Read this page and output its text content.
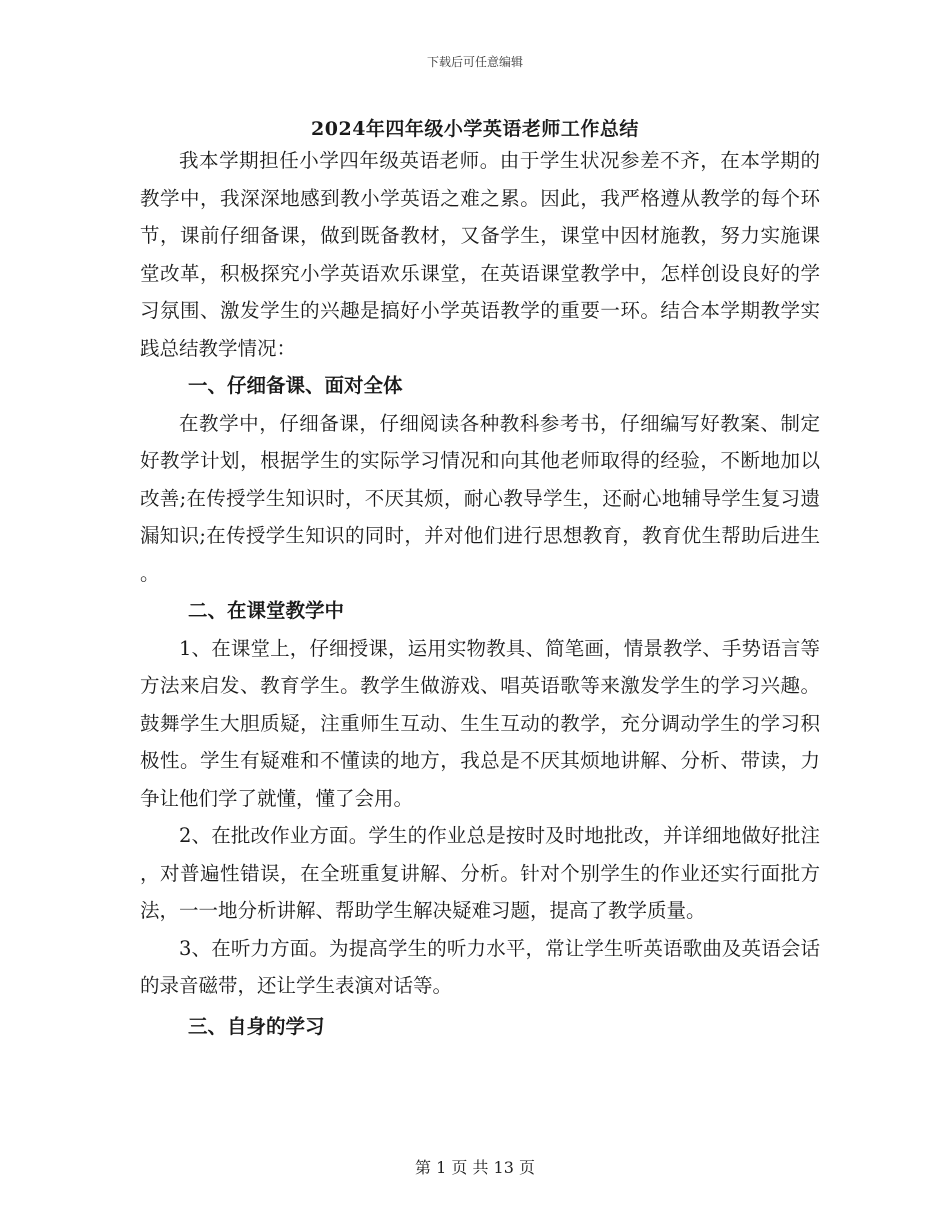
下载后可任意编辑
2024年四年级小学英语老师工作总结

我本学期担任小学四年级英语老师。由于学生状况参差不齐，在本学期的教学中，我深深地感到教小学英语之难之累。因此，我严格遵从教学的每个环节，课前仔细备课，做到既备教材，又备学生，课堂中因材施教，努力实施课堂改革，积极探究小学英语欢乐课堂，在英语课堂教学中，怎样创设良好的学习氛围、激发学生的兴趣是搞好小学英语教学的重要一环。结合本学期教学实践总结教学情况：

一、仔细备课、面对全体

在教学中，仔细备课，仔细阅读各种教科参考书，仔细编写好教案、制定好教学计划，根据学生的实际学习情况和向其他老师取得的经验，不断地加以改善;在传授学生知识时，不厌其烦，耐心教导学生，还耐心地辅导学生复习遗漏知识;在传授学生知识的同时，并对他们进行思想教育，教育优生帮助后进生。

二、在课堂教学中

1、在课堂上，仔细授课，运用实物教具、简笔画，情景教学、手势语言等方法来启发、教育学生。教学生做游戏、唱英语歌等来激发学生的学习兴趣。鼓舞学生大胆质疑，注重师生互动、生生互动的教学，充分调动学生的学习积极性。学生有疑难和不懂读的地方，我总是不厌其烦地讲解、分析、带读，力争让他们学了就懂，懂了会用。

2、在批改作业方面。学生的作业总是按时及时地批改，并详细地做好批注，对普遍性错误，在全班重复讲解、分析。针对个别学生的作业还实行面批方法，一一地分析讲解、帮助学生解决疑难习题，提高了教学质量。

3、在听力方面。为提高学生的听力水平，常让学生听英语歌曲及英语会话的录音磁带，还让学生表演对话等。

三、自身的学习

第 1 页 共 13 页
